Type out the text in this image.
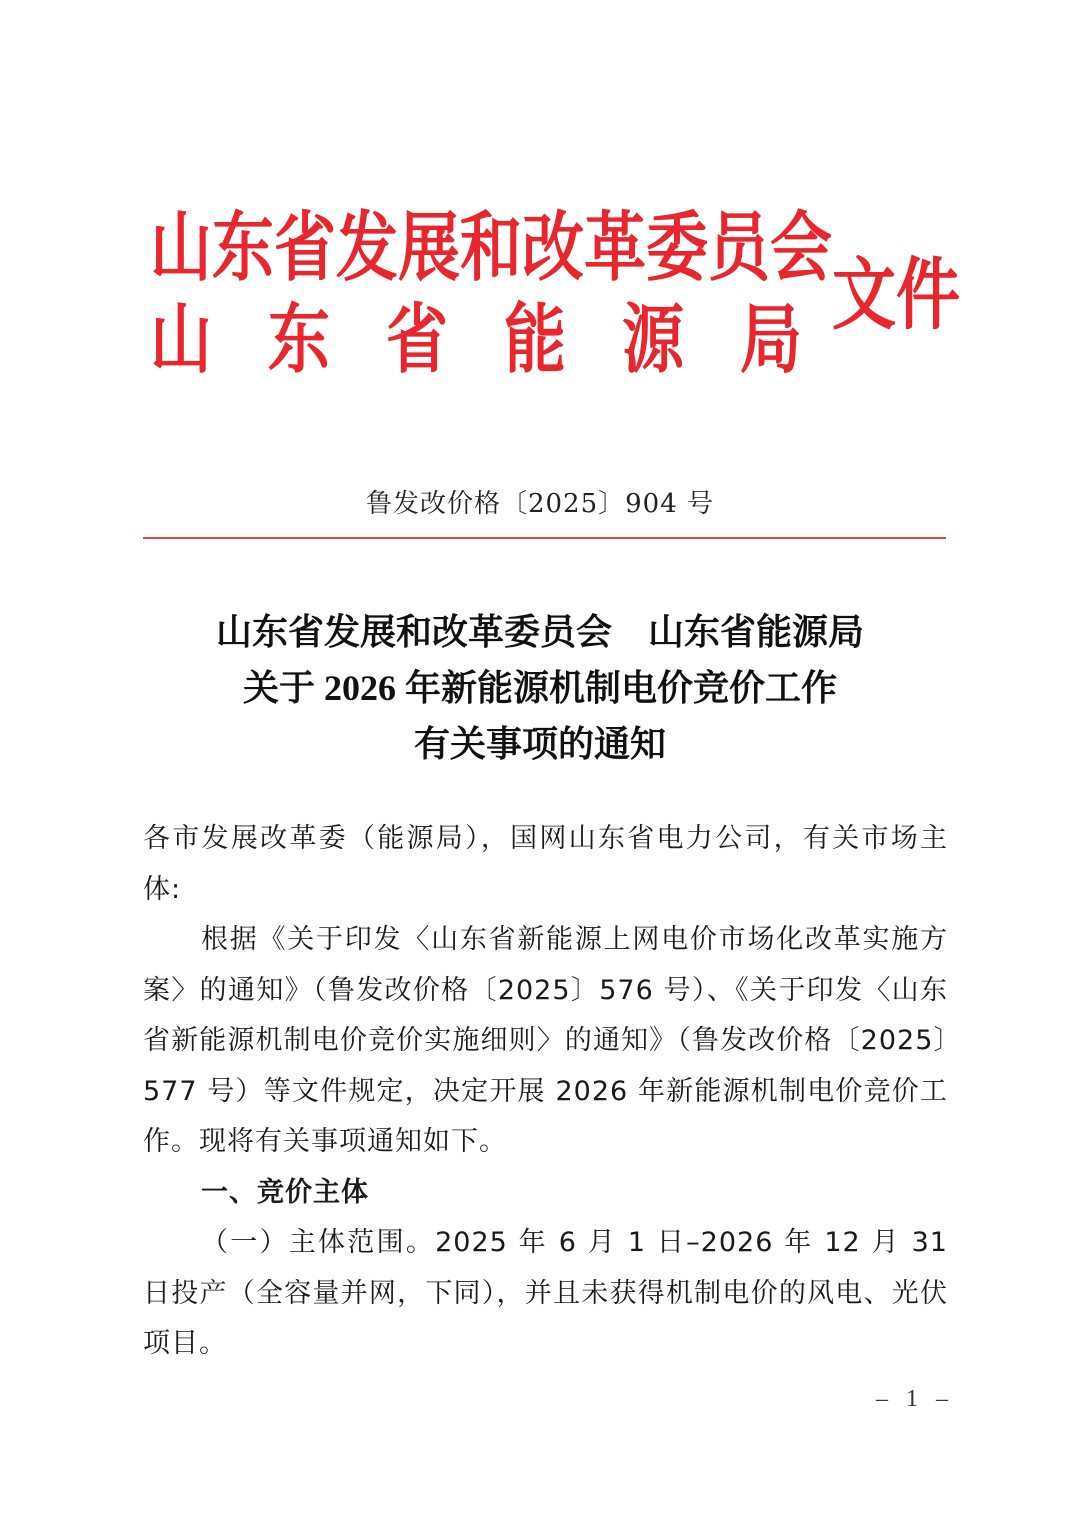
山东省发展和改革委员会
山 东 省 能 源 局 文件
鲁发改价格〔2025〕904 号
山东省发展和改革委员会　山东省能源局
关于 2026 年新能源机制电价竞价工作
有关事项的通知

各市发展改革委（能源局），国网山东省电力公司，有关市场主体:

根据《关于印发〈山东省新能源上网电价市场化改革实施方案〉的通知》（鲁发改价格〔2025〕576 号）、《关于印发〈山东省新能源机制电价竞价实施细则〉的通知》（鲁发改价格〔2025〕577 号）等文件规定，决定开展 2026 年新能源机制电价竞价工作。现将有关事项通知如下。

一、竞价主体

（一）主体范围。2025 年 6 月 1 日–2026 年 12 月 31 日投产（全容量并网，下同），并且未获得机制电价的风电、光伏项目。

– 1 –
